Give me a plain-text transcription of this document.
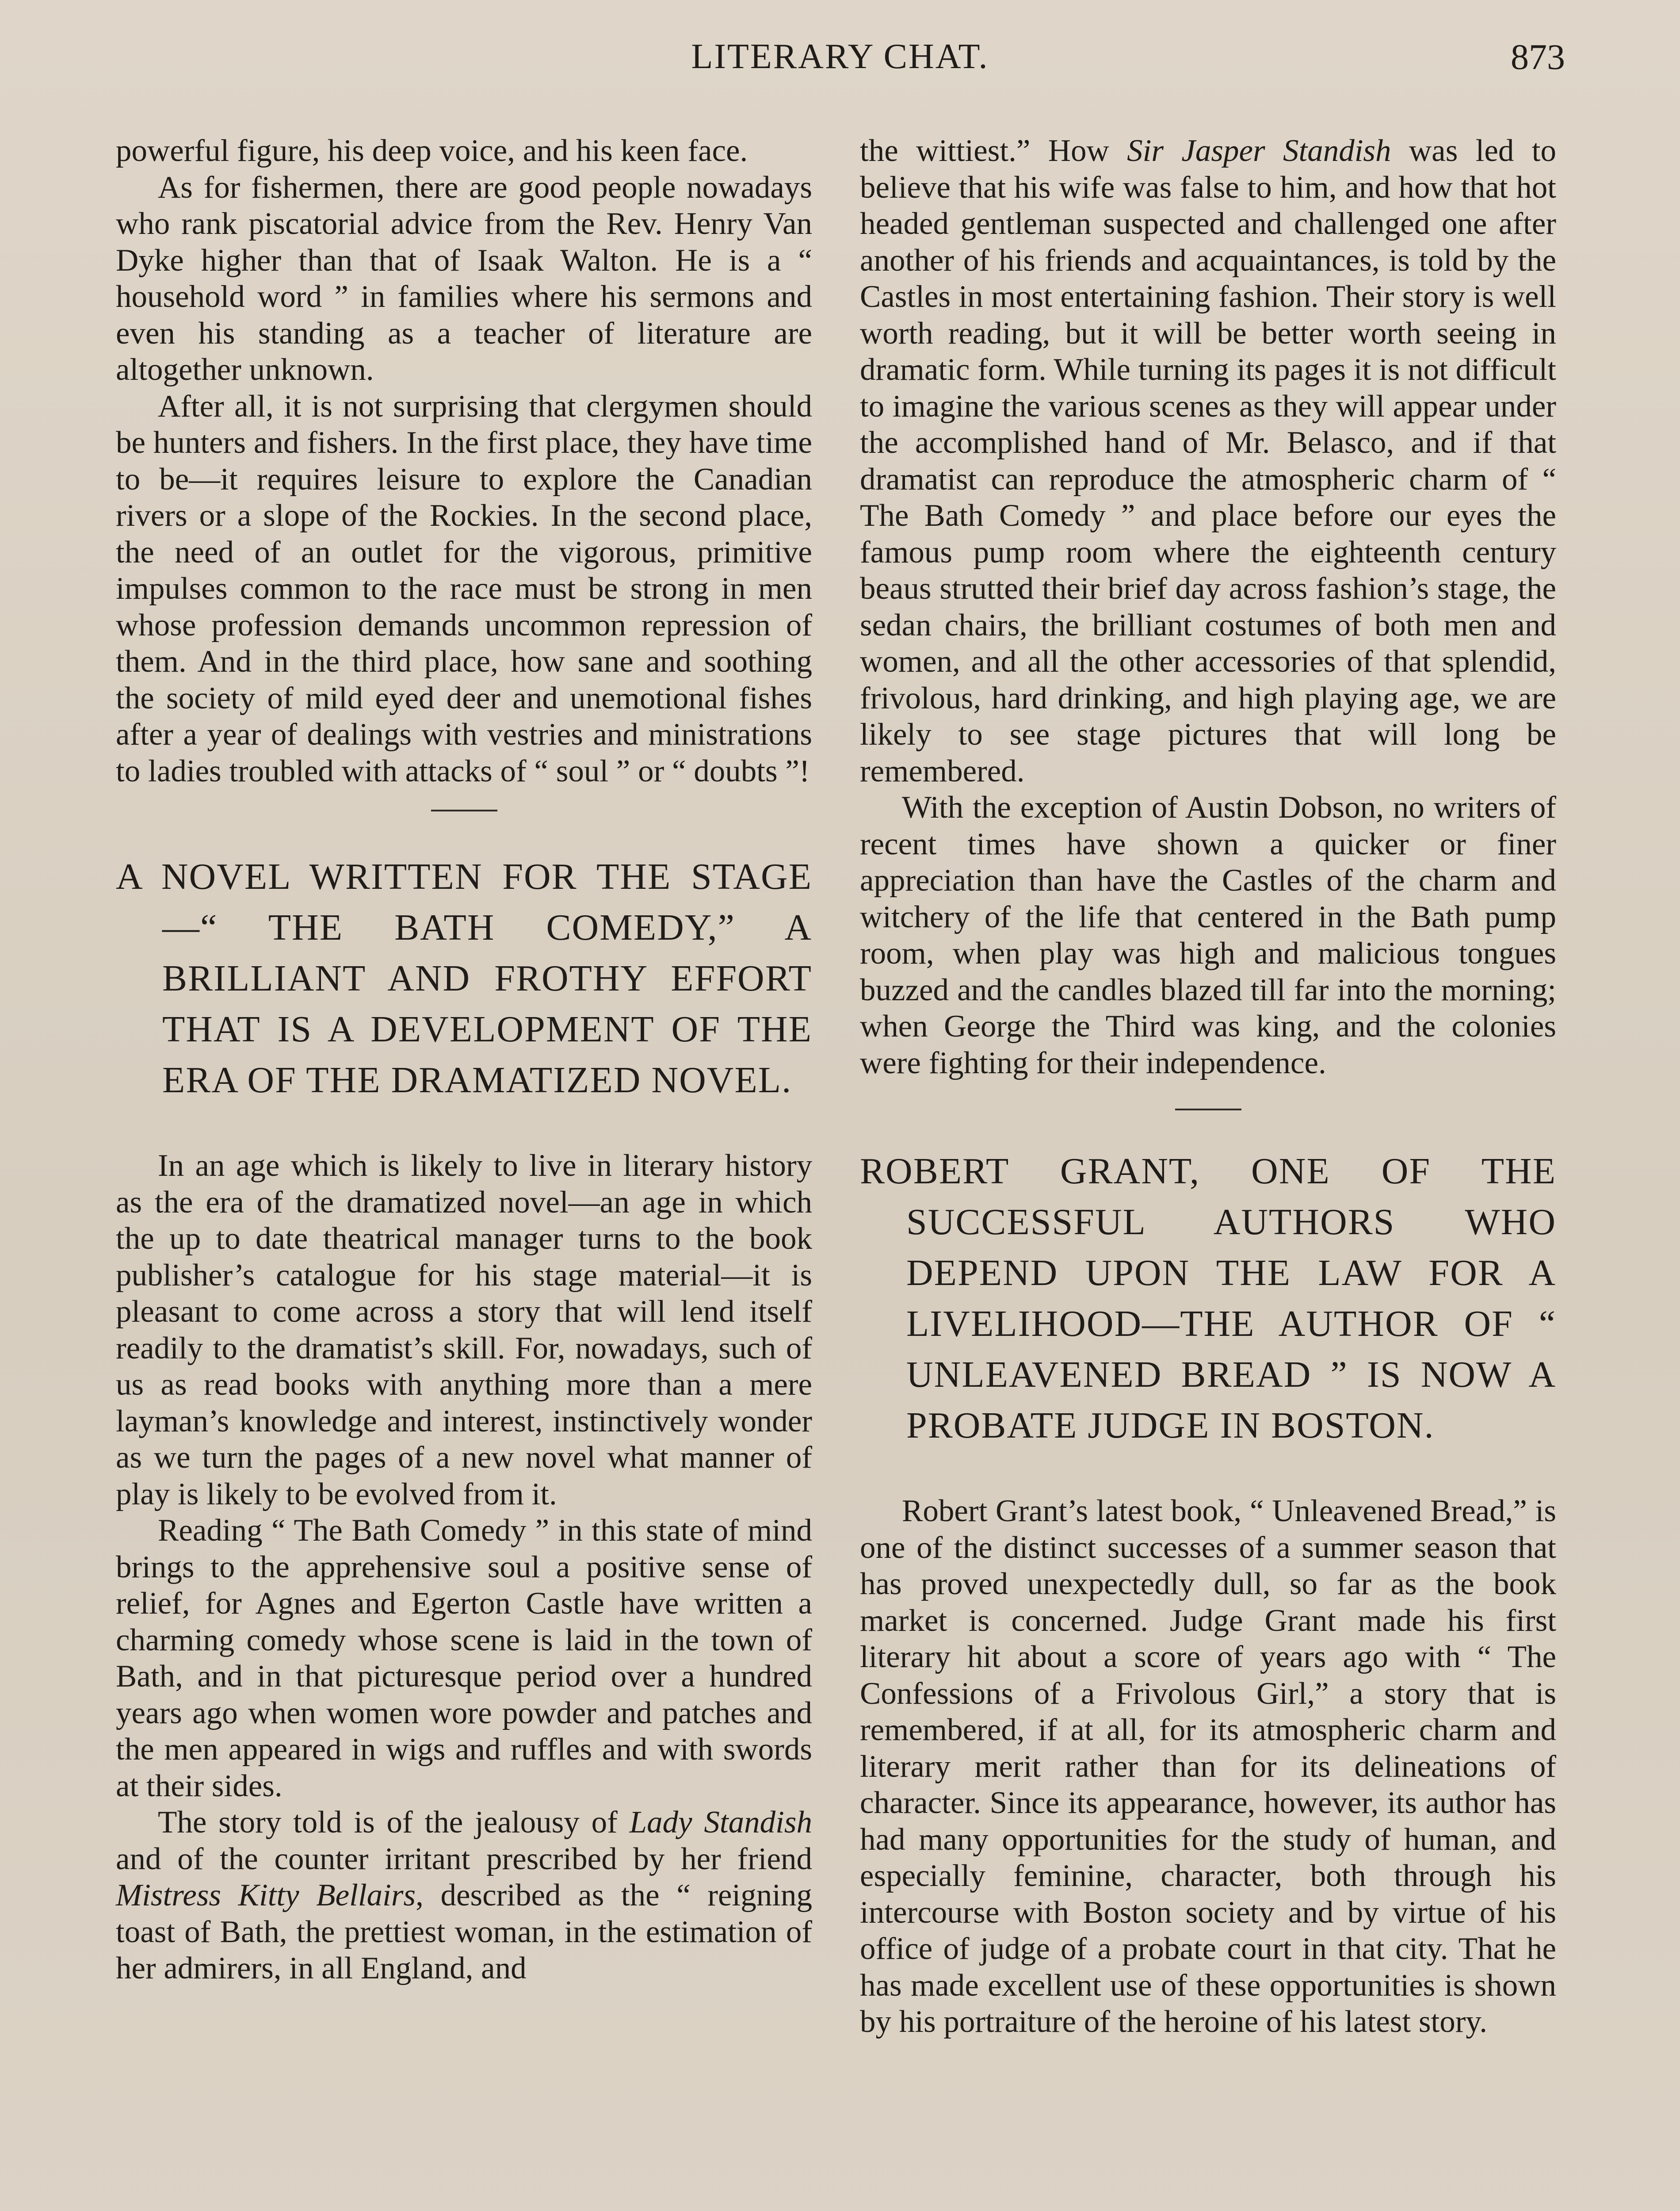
LITERARY CHAT.	873

powerful figure, his deep voice, and his keen face.

As for fishermen, there are good people nowadays who rank piscatorial advice from the Rev. Henry Van Dyke higher than that of Isaak Walton. He is a “ household word ” in families where his sermons and even his standing as a teacher of literature are altogether unknown.

After all, it is not surprising that clergymen should be hunters and fishers. In the first place, they have time to be—it requires leisure to explore the Canadian rivers or a slope of the Rockies. In the second place, the need of an outlet for the vigorous, primitive impulses common to the race must be strong in men whose profession demands uncommon repression of them. And in the third place, how sane and soothing the society of mild eyed deer and unemotional fishes after a year of dealings with vestries and ministrations to ladies troubled with attacks of “ soul ” or “ doubts ”!

A NOVEL WRITTEN FOR THE STAGE —“ THE BATH COMEDY,” A BRILLIANT AND FROTHY EFFORT THAT IS A DEVELOPMENT OF THE ERA OF THE DRAMATIZED NOVEL.

In an age which is likely to live in literary history as the era of the dramatized novel—an age in which the up to date theatrical manager turns to the book publisher’s catalogue for his stage material—it is pleasant to come across a story that will lend itself readily to the dramatist’s skill. For, nowadays, such of us as read books with anything more than a mere layman’s knowledge and interest, instinctively wonder as we turn the pages of a new novel what manner of play is likely to be evolved from it.

Reading “ The Bath Comedy ” in this state of mind brings to the apprehensive soul a positive sense of relief, for Agnes and Egerton Castle have written a charming comedy whose scene is laid in the town of Bath, and in that picturesque period over a hundred years ago when women wore powder and patches and the men appeared in wigs and ruffles and with swords at their sides.

The story told is of the jealousy of Lady Standish and of the counter irritant prescribed by her friend Mistress Kitty Bellairs, described as the “ reigning toast of Bath, the prettiest woman, in the estimation of her admirers, in all England, and

the wittiest.” How Sir Jasper Standish was led to believe that his wife was false to him, and how that hot headed gentleman suspected and challenged one after another of his friends and acquaintances, is told by the Castles in most entertaining fashion. Their story is well worth reading, but it will be better worth seeing in dramatic form. While turning its pages it is not difficult to imagine the various scenes as they will appear under the accomplished hand of Mr. Belasco, and if that dramatist can reproduce the atmospheric charm of “ The Bath Comedy ” and place before our eyes the famous pump room where the eighteenth century beaus strutted their brief day across fashion’s stage, the sedan chairs, the brilliant costumes of both men and women, and all the other accessories of that splendid, frivolous, hard drinking, and high playing age, we are likely to see stage pictures that will long be remembered.

With the exception of Austin Dobson, no writers of recent times have shown a quicker or finer appreciation than have the Castles of the charm and witchery of the life that centered in the Bath pump room, when play was high and malicious tongues buzzed and the candles blazed till far into the morning; when George the Third was king, and the colonies were fighting for their independence.

ROBERT GRANT, ONE OF THE SUCCESSFUL AUTHORS WHO DEPEND UPON THE LAW FOR A LIVELIHOOD—THE AUTHOR OF “ UNLEAVENED BREAD ” IS NOW A PROBATE JUDGE IN BOSTON.

Robert Grant’s latest book, “ Unleavened Bread,” is one of the distinct successes of a summer season that has proved unexpectedly dull, so far as the book market is concerned. Judge Grant made his first literary hit about a score of years ago with “ The Confessions of a Frivolous Girl,” a story that is remembered, if at all, for its atmospheric charm and literary merit rather than for its delineations of character. Since its appearance, however, its author has had many opportunities for the study of human, and especially feminine, character, both through his intercourse with Boston society and by virtue of his office of judge of a probate court in that city. That he has made excellent use of these opportunities is shown by his portraiture of the heroine of his latest story.
